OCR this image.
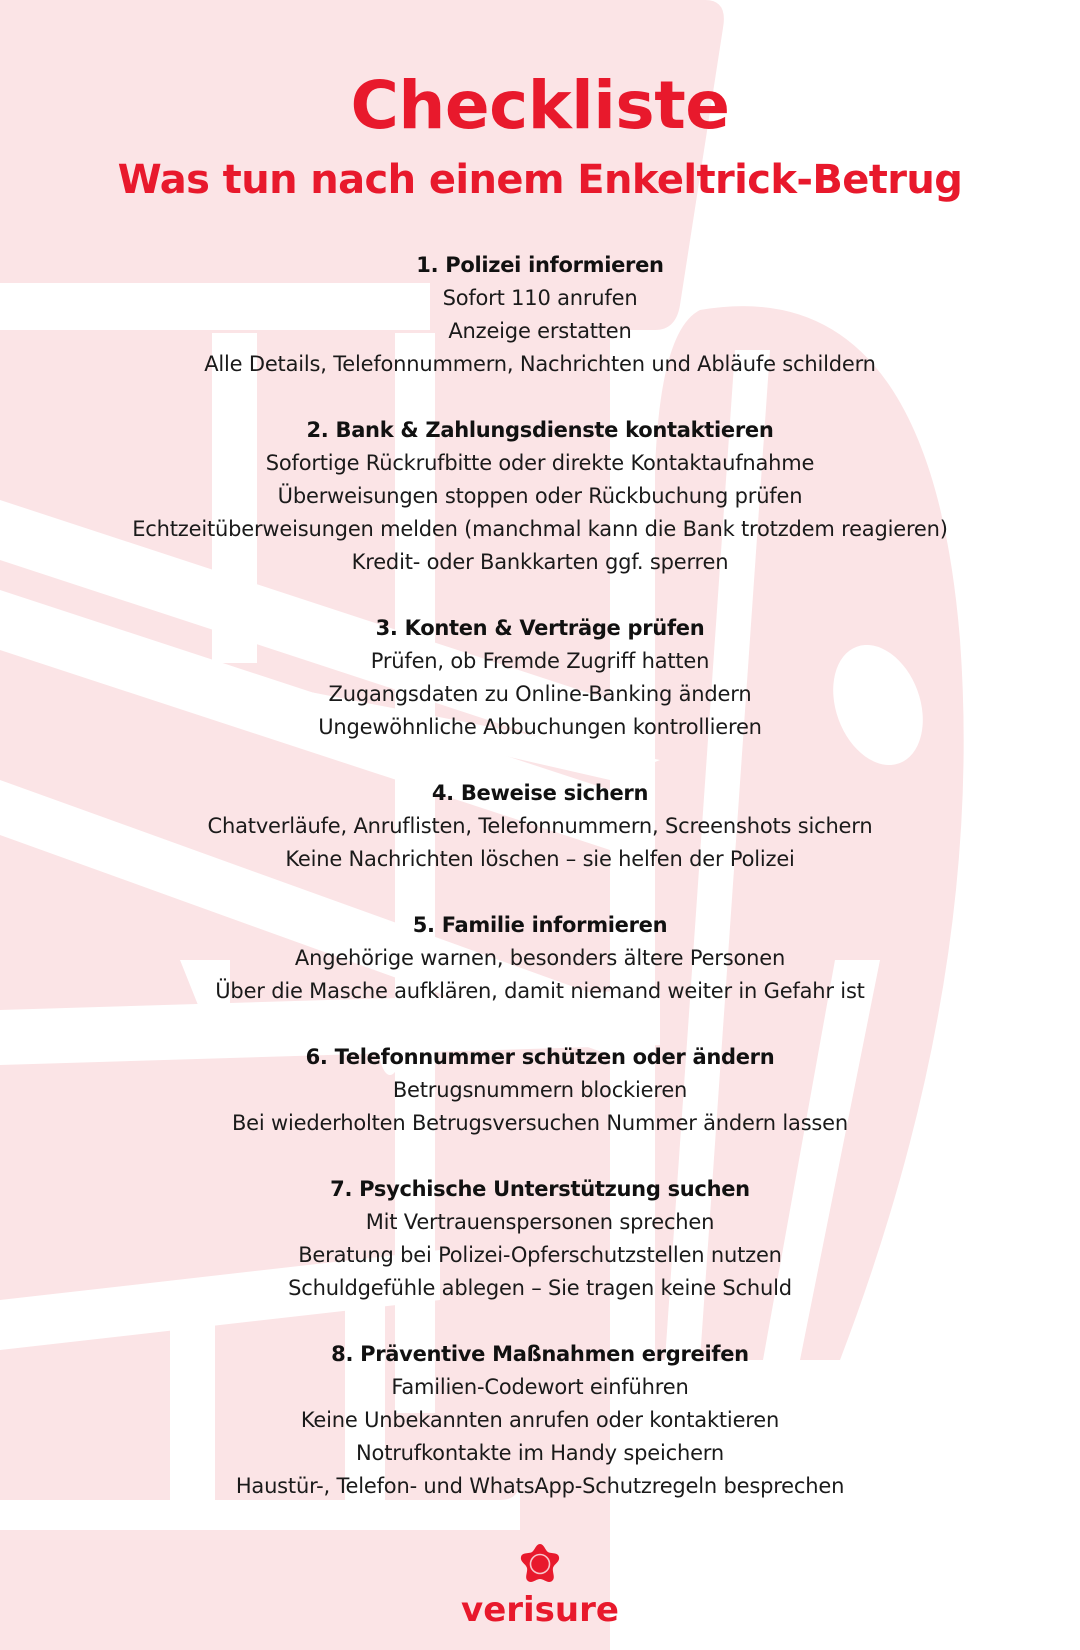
Checkliste
Was tun nach einem Enkeltrick-Betrug
1. Polizei informieren
Sofort 110 anrufen
Anzeige erstatten
Alle Details, Telefonnummern, Nachrichten und Abläufe schildern
2. Bank & Zahlungsdienste kontaktieren
Sofortige Rückrufbitte oder direkte Kontaktaufnahme
Überweisungen stoppen oder Rückbuchung prüfen
Echtzeitüberweisungen melden (manchmal kann die Bank trotzdem reagieren)
Kredit- oder Bankkarten ggf. sperren
3. Konten & Verträge prüfen
Prüfen, ob Fremde Zugriff hatten
Zugangsdaten zu Online-Banking ändern
Ungewöhnliche Abbuchungen kontrollieren
4. Beweise sichern
Chatverläufe, Anruflisten, Telefonnummern, Screenshots sichern
Keine Nachrichten löschen – sie helfen der Polizei
5. Familie informieren
Angehörige warnen, besonders ältere Personen
Über die Masche aufklären, damit niemand weiter in Gefahr ist
6. Telefonnummer schützen oder ändern
Betrugsnummern blockieren
Bei wiederholten Betrugsversuchen Nummer ändern lassen
7. Psychische Unterstützung suchen
Mit Vertrauenspersonen sprechen
Beratung bei Polizei-Opferschutzstellen nutzen
Schuldgefühle ablegen – Sie tragen keine Schuld
8. Präventive Maßnahmen ergreifen
Familien-Codewort einführen
Keine Unbekannten anrufen oder kontaktieren
Notrufkontakte im Handy speichern
Haustür-, Telefon- und WhatsApp-Schutzregeln besprechen
verisure
